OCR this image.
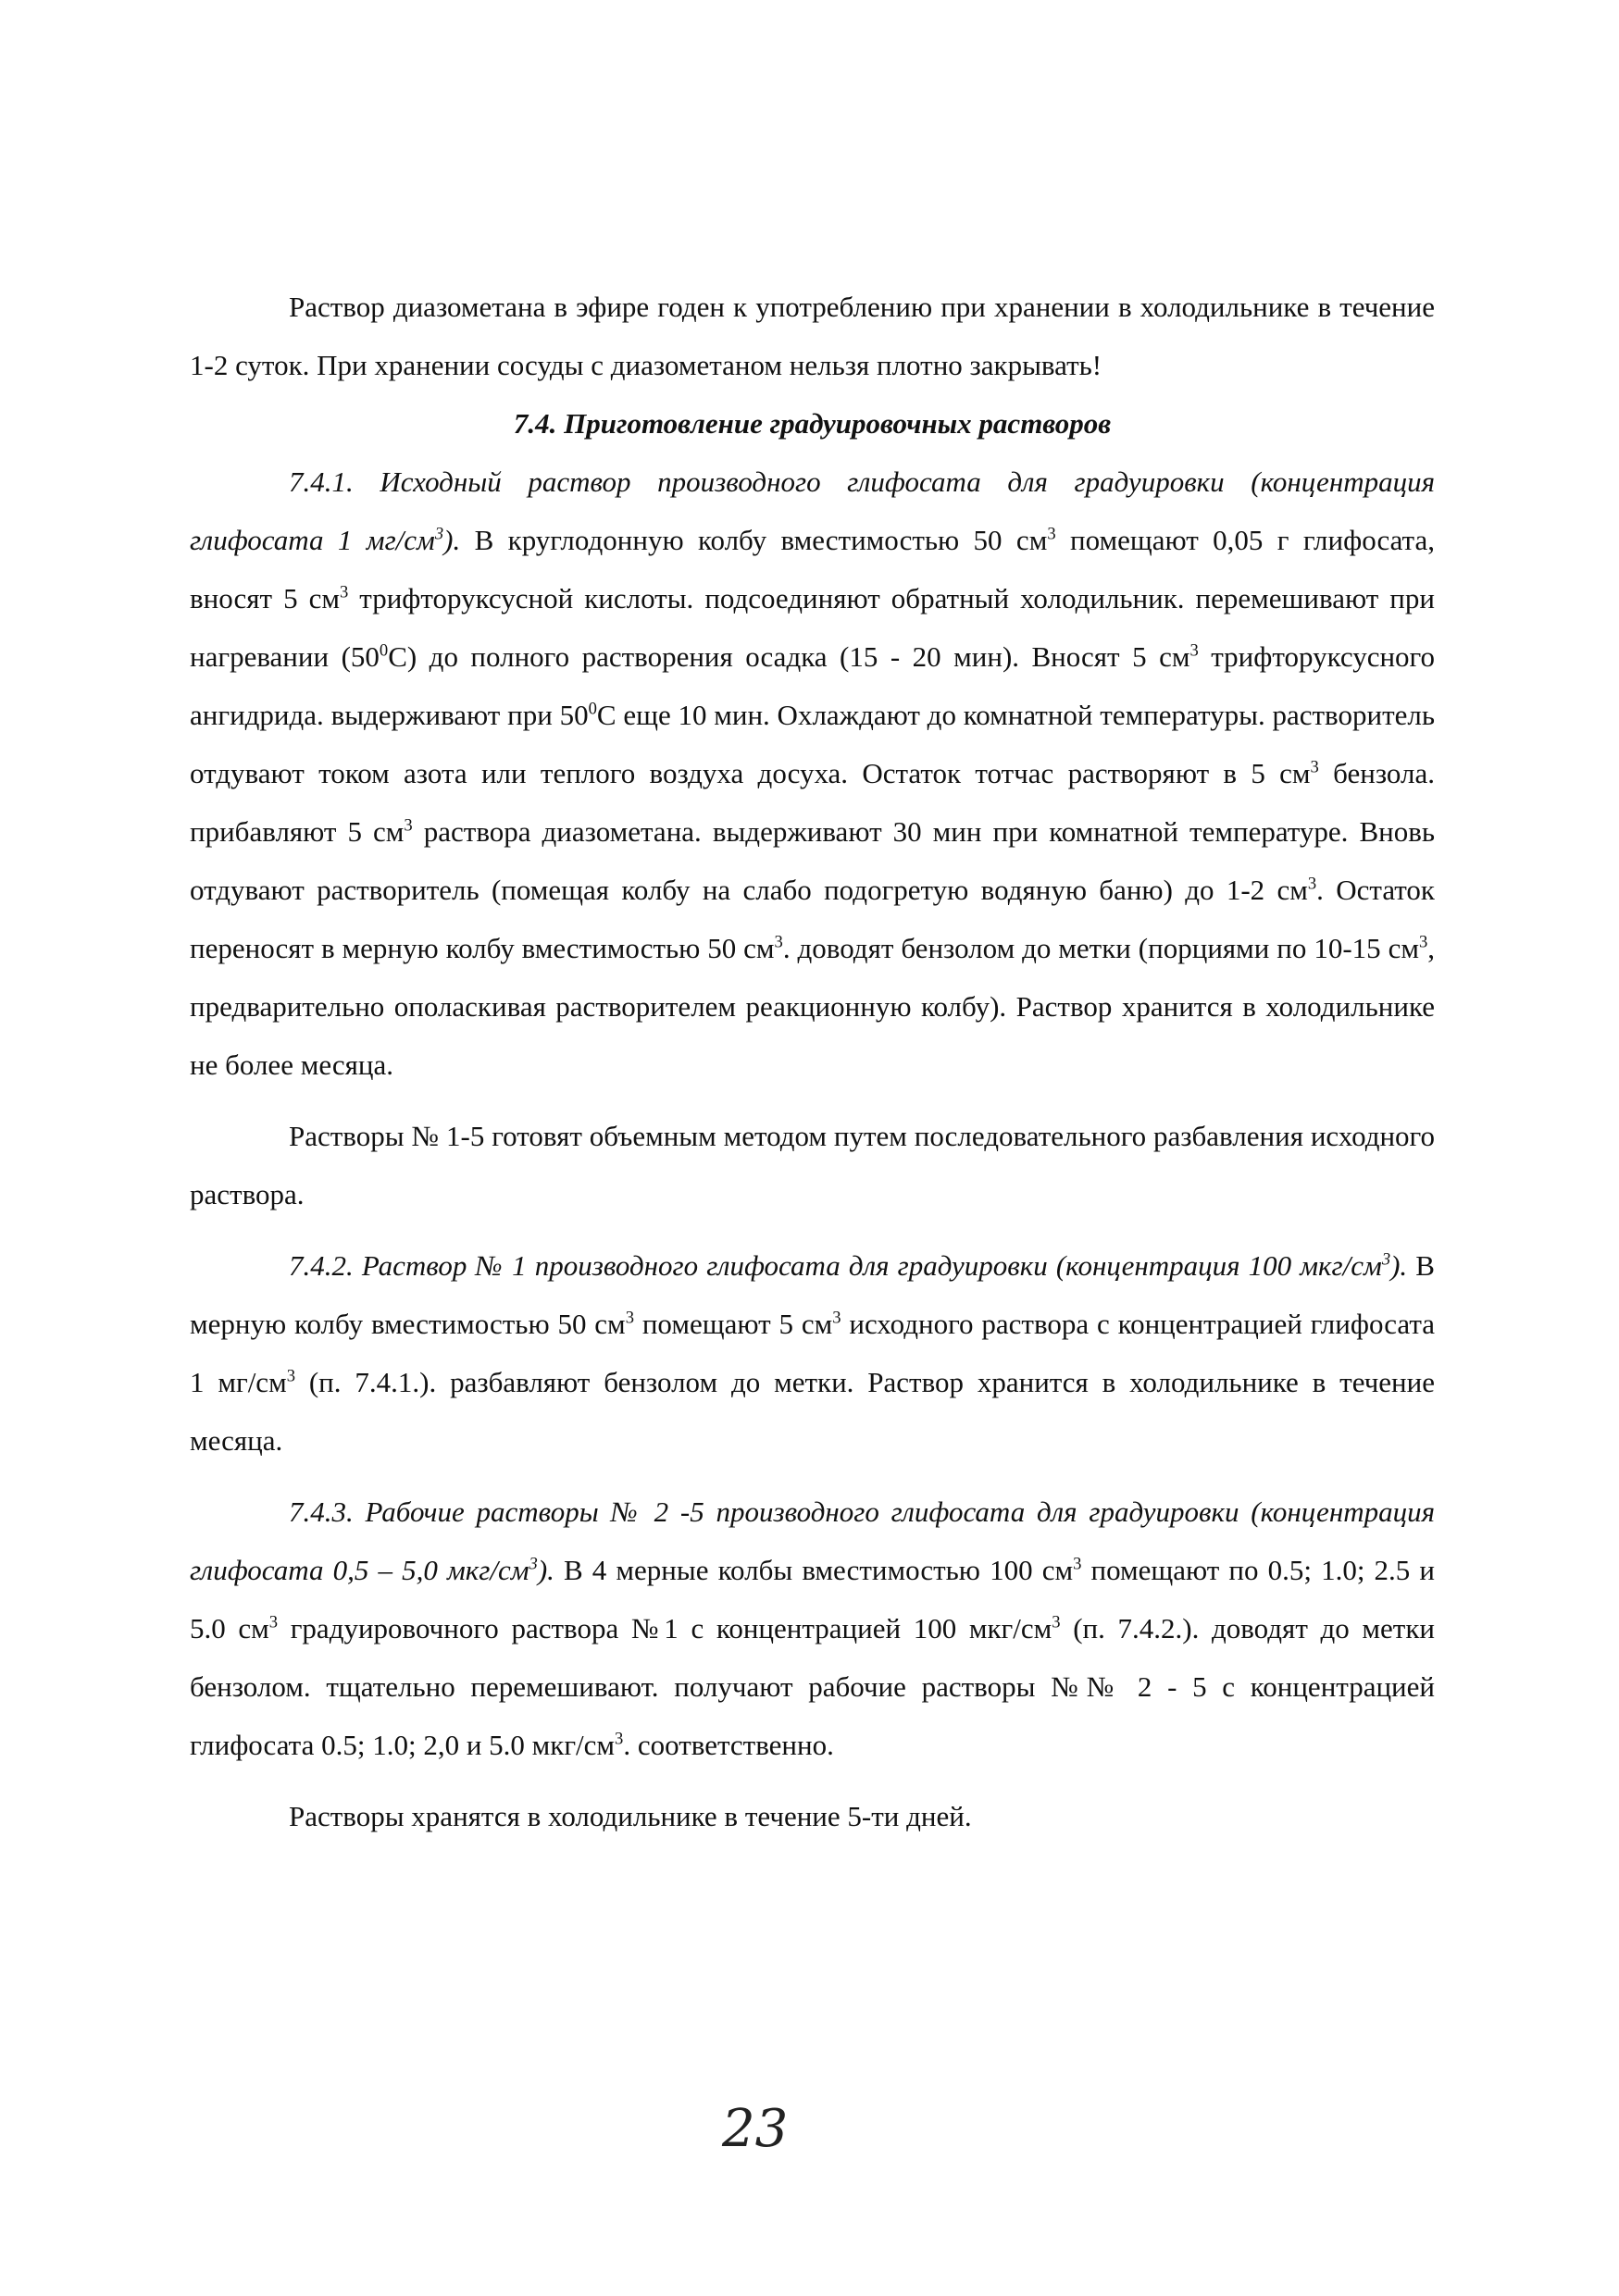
Раствор диазометана в эфире годен к употреблению при хранении в холодильнике в течение 1-2 суток. При хранении сосуды с диазометаном нельзя плотно закрывать!

7.4. Приготовление градуировочных растворов

7.4.1. Исходный раствор производного глифосата для градуировки (концентрация глифосата 1 $мг/см^3$). В круглодонную колбу вместимостью 50 $см^3$ помещают 0,05 г глифосата, вносят 5 $см^3$ трифторуксусной кислоты. подсоединяют обратный холодильник. перемешивают при нагревании $(50^0С)$ до полного растворения осадка (15 - 20 мин). Вносят 5 $см^3$ трифторуксусного ангидрида. выдерживают при $50^0С$ еще 10 мин. Охлаждают до комнатной температуры. растворитель отдувают током азота или теплого воздуха досуха. Остаток тотчас растворяют в 5 $см^3$ бензола. прибавляют 5 $см^3$ раствора диазометана. выдерживают 30 мин при комнатной температуре. Вновь отдувают растворитель (помещая колбу на слабо подогретую водяную баню) до 1-2 $см^3$. Остаток переносят в мерную колбу вместимостью 50 $см^3$. доводят бензолом до метки (порциями по 10-15 $см^3$, предварительно ополаскивая растворителем реакционную колбу). Раствор хранится в холодильнике не более месяца.

Растворы № 1-5 готовят объемным методом путем последовательного разбавления исходного раствора.

7.4.2. Раствор № 1 производного глифосата для градуировки (концентрация 100 мкг/$см^3$). В мерную колбу вместимостью 50 $см^3$ помещают 5 $см^3$ исходного раствора с концентрацией глифосата 1 $мг/см^3$ (п. 7.4.1.). разбавляют бензолом до метки. Раствор хранится в холодильнике в течение месяца.

7.4.3. Рабочие растворы № 2 -5 производного глифосата для градуировки (концентрация глифосата 0,5 – 5,0 мкг/$см^3$). В 4 мерные колбы вместимостью 100 $см^3$ помещают по 0.5; 1.0; 2.5 и 5.0 $см^3$ градуировочного раствора №1 с концентрацией 100 мкг/$см^3$ (п. 7.4.2.). доводят до метки бензолом. тщательно перемешивают. получают рабочие растворы №№ 2 - 5 с концентрацией глифосата 0.5; 1.0; 2,0 и 5.0 мкг/$см^3$. соответственно.

Растворы хранятся в холодильнике в течение 5-ти дней.

23
